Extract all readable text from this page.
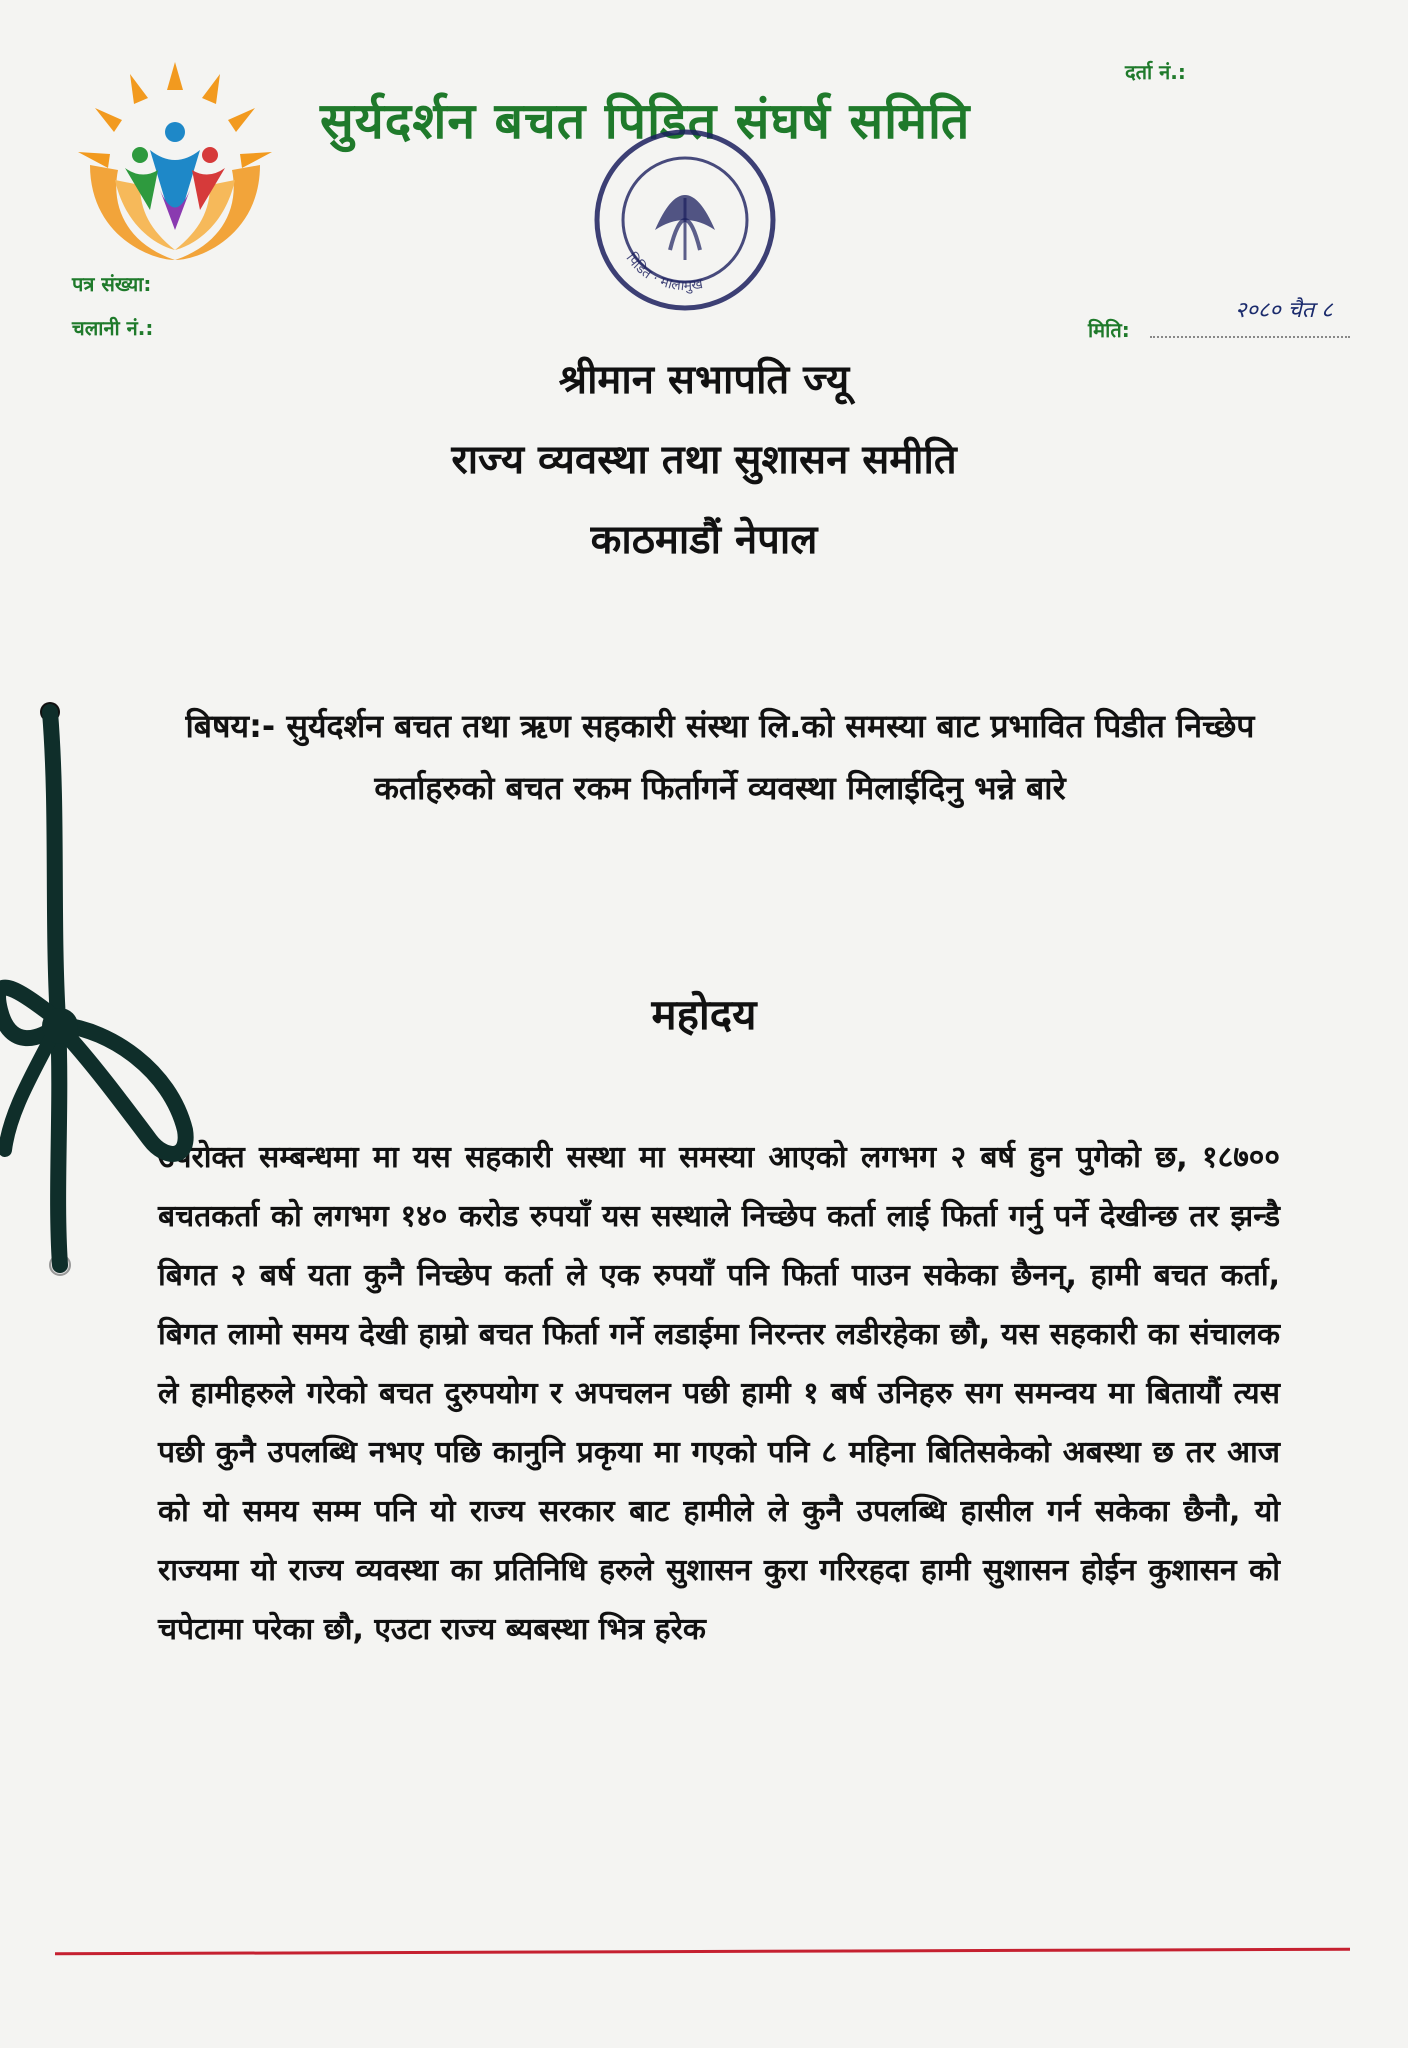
सुर्यदर्शन बचत पिडित संघर्ष समिति
दर्ता नं.:
पत्र संख्या:
चलानी नं.:	मिति:
२०८० चैत ८
पिडित · मालामुख
श्रीमान सभापति ज्यू
राज्य व्यवस्था तथा सुशासन समीति
काठमाडौं नेपाल
बिषय:- सुर्यदर्शन बचत तथा ऋण सहकारी संस्था लि.को समस्या बाट प्रभावित पिडीत निच्छेप कर्ताहरुको बचत रकम फिर्तागर्ने व्यवस्था मिलाईदिनु भन्ने बारे
महोदय
उपरोक्त सम्बन्धमा मा यस सहकारी सस्था मा समस्या आएको लगभग २ बर्ष हुन पुगेको छ, १८७०० बचतकर्ता को लगभग १४० करोड रुपयाँ यस सस्थाले निच्छेप कर्ता लाई फिर्ता गर्नु पर्ने देखीन्छ तर झन्डै बिगत २ बर्ष यता कुनै निच्छेप कर्ता ले एक रुपयाँ पनि फिर्ता पाउन सकेका छैनन्, हामी बचत कर्ता, बिगत लामो समय देखी हाम्रो बचत फिर्ता गर्ने लडाईमा निरन्तर लडीरहेका छौ, यस सहकारी का संचालक ले हामीहरुले गरेको बचत दुरुपयोग र अपचलन पछी हामी १ बर्ष उनिहरु सग समन्वय मा बितायौं त्यस पछी कुनै उपलब्धि नभए पछि कानुनि प्रकृया मा गएको पनि ८ महिना बितिसकेको अबस्था छ तर आज को यो समय सम्म पनि यो राज्य सरकार बाट हामीले ले कुनै उपलब्धि हासील गर्न सकेका छैनौ, यो राज्यमा यो राज्य व्यवस्था का प्रतिनिधि हरुले सुशासन कुरा गरिरहदा हामी सुशासन होईन कुशासन को चपेटामा परेका छौ, एउटा राज्य ब्यबस्था भित्र हरेक
